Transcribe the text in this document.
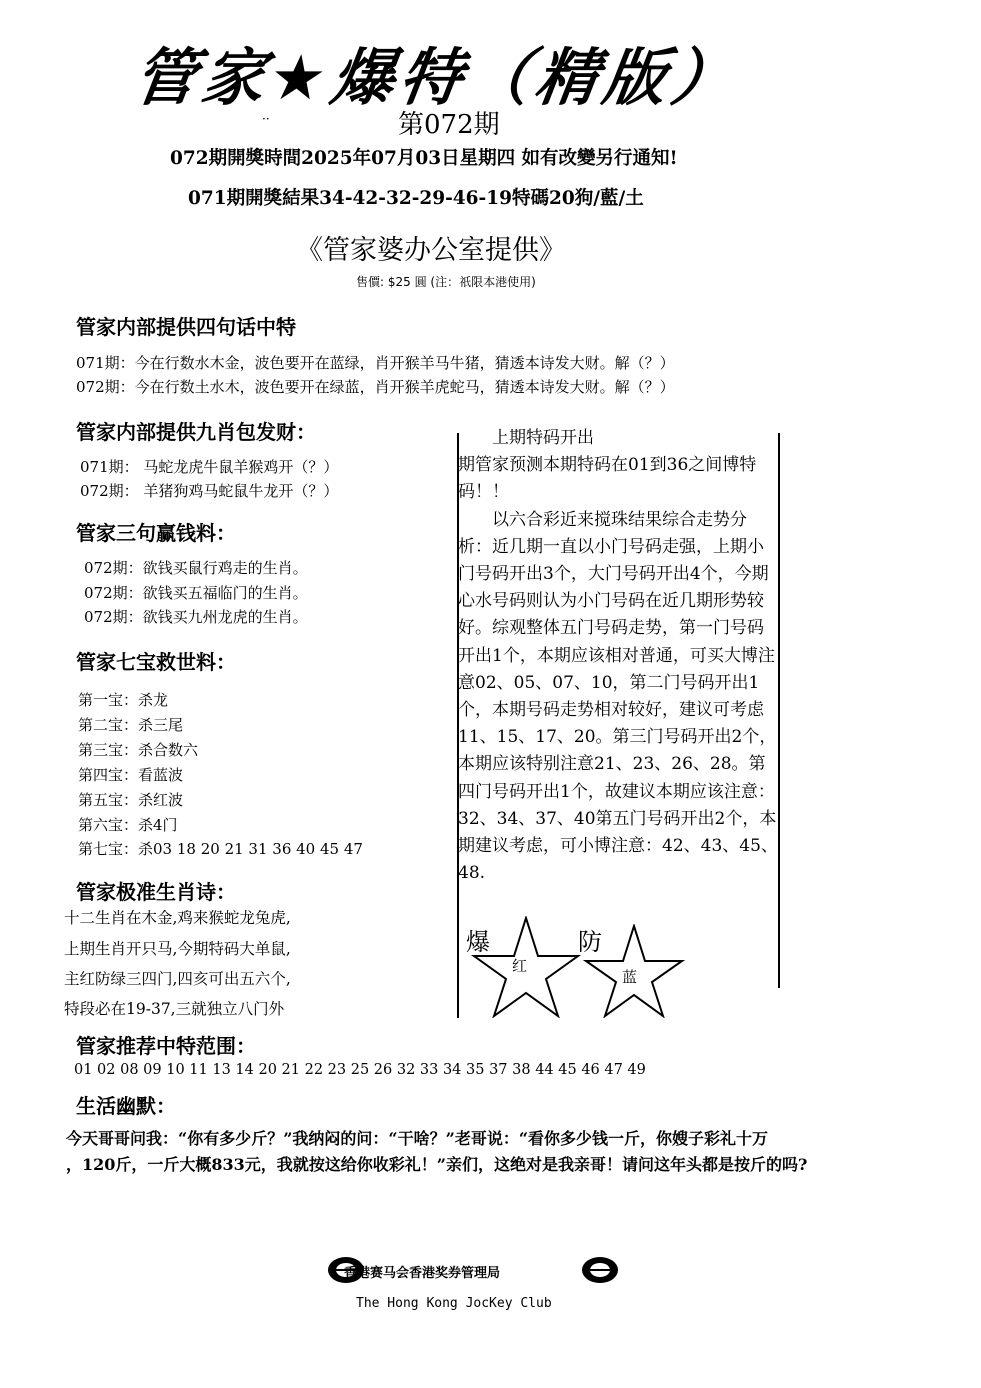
管家★爆特（精版）
··	第072期
072期開獎時間2025年07月03日星期四 如有改變另行通知!
071期開獎結果34-42-32-29-46-19特碼20狗/藍/土
《管家婆办公室提供》
售價: $25 圓 (注：祇限本港使用)
管家内部提供四句话中特
071期：今在行数水木金，波色要开在蓝绿，肖开猴羊马牛猪，猜透本诗发大财。解（？）
072期：今在行数土水木，波色要开在绿蓝，肖开猴羊虎蛇马，猜透本诗发大财。解（？）
管家内部提供九肖包发财：
071期： 马蛇龙虎牛鼠羊猴鸡开（？）
072期： 羊猪狗鸡马蛇鼠牛龙开（？）
管家三句赢钱料：
072期：欲钱买鼠行鸡走的生肖。
072期：欲钱买五福临门的生肖。
072期：欲钱买九州龙虎的生肖。
管家七宝救世料：
第一宝：杀龙
第二宝：杀三尾
第三宝：杀合数六
第四宝：看蓝波
第五宝：杀红波
第六宝：杀4门
第七宝：杀03 18 20 21 31 36 40 45 47
管家极准生肖诗：
十二生肖在木金,鸡来猴蛇龙兔虎,
上期生肖开只马,今期特码大单鼠,
主红防绿三四门,四亥可出五六个,
特段必在19-37,三就独立八门外

上期特码开出

期管家预测本期特码在01到36之间博特码！！

以六合彩近来搅珠结果综合走势分析：近几期一直以小门号码走强，上期小门号码开出3个，大门号码开出4个，今期心水号码则认为小门号码在近几期形势较好。综观整体五门号码走势，第一门号码开出1个，本期应该相对普通，可买大博注意02、05、07、10，第二门号码开出1个，本期号码走势相对较好，建议可考虑11、15、17、20。第三门号码开出2个，本期应该特别注意21、23、26、28。第四门号码开出1个，故建议本期应该注意：32、34、37、40第五门号码开出2个，本期建议考虑，可小博注意：42、43、45、48.

爆	防
红
蓝
管家推荐中特范围：
01 02 08 09 10 11 13 14 20 21 22 23 25 26 32 33 34 35 37 38 44 45 46 47 49
生活幽默：
今天哥哥问我：“你有多少斤？”我纳闷的问：“干啥？”老哥说：“看你多少钱一斤，你嫂子彩礼十万
，120斤，一斤大概833元，我就按这给你收彩礼！”亲们，这绝对是我亲哥！请问这年头都是按斤的吗?
香港赛马会香港奖券管理局
The Hong Kong JocKey Club
